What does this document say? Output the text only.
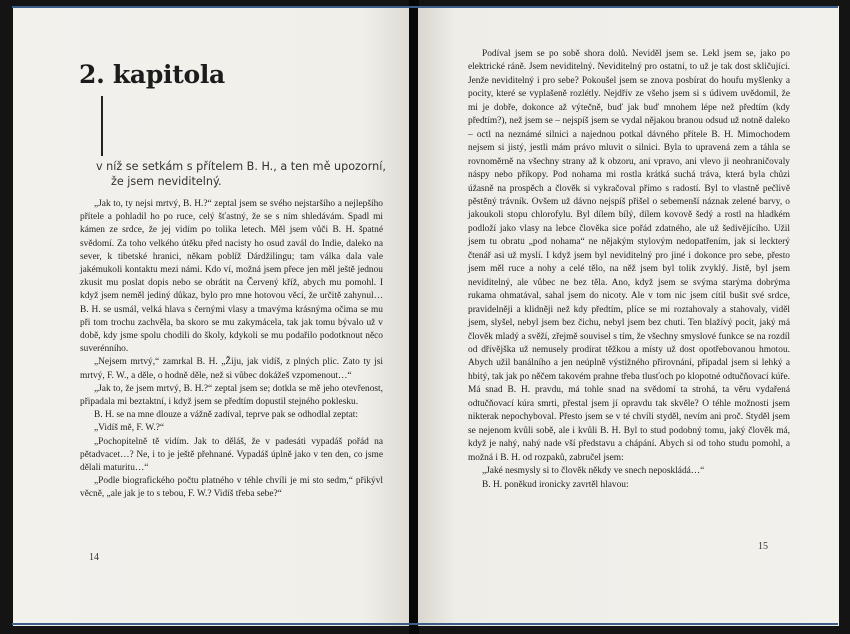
2. kapitola
v níž se setkám s přítelem B. H., a ten mě upozorní,
že jsem neviditelný.

„Jak to, ty nejsi mrtvý, B. H.?“ zeptal jsem se svého nejstaršího a nejlepšího přítele a pohladil ho po ruce, celý šťastný, že se s ním shledávám. Spadl mi kámen ze srdce, že jej vidím po tolika letech. Měl jsem vůči B. H. špatné svědomí. Za toho velkého útěku před nacisty ho osud zavál do Indie, daleko na sever, k tibetské hranici, někam poblíž Dárdžilingu; tam válka dala vale jakémukoli kontaktu mezi námi. Kdo ví, možná jsem přece jen měl ještě jednou zkusit mu poslat dopis nebo se obrátit na Červený kříž, abych mu pomohl. I když jsem neměl jediný důkaz, bylo pro mne hotovou věcí, že určitě zahynul… B. H. se usmál, velká hlava s černými vlasy a tmavýma krásnýma očima se mu při tom trochu zachvěla, ba skoro se mu zakymácela, tak jak tomu bývalo už v době, kdy jsme spolu chodili do školy, kdykoli se mu podařilo podotknout něco suverénního.

„Nejsem mrtvý,“ zamrkal B. H. „Žiju, jak vidíš, z plných plic. Zato ty jsi mrtvý, F. W., a děle, o hodně děle, než si vůbec dokážeš vzpomenout…“

„Jak to, že jsem mrtvý, B. H.?“ zeptal jsem se; dotkla se mě jeho otevřenost, připadala mi beztaktní, i když jsem se předtím dopustil stejného poklesku.

B. H. se na mne dlouze a vážně zadíval, teprve pak se odhodlal zeptat:

„Vidíš mě, F. W.?“

„Pochopitelně tě vidím. Jak to děláš, že v padesáti vypadáš pořád na pětadvacet…? Ne, i to je ještě přehnané. Vypadáš úplně jako v ten den, co jsme dělali maturitu…“

„Podle biografického počtu platného v téhle chvíli je mi sto sedm,“ přikývl věcně, „ale jak je to s tebou, F. W.? Vidíš třeba sebe?“

14

Podíval jsem se po sobě shora dolů. Neviděl jsem se. Lekl jsem se, jako po elektrické ráně. Jsem neviditelný. Neviditelný pro ostatní, to už je tak dost skličující. Jenže neviditelný i pro sebe? Pokoušel jsem se znova posbírat do houfu myšlenky a pocity, které se vyplašeně rozlétly. Nejdřív ze všeho jsem si s údivem uvědomil, že mi je dobře, dokonce až výtečně, buď jak buď mnohem lépe než předtím (kdy předtím?), než jsem se – nejspíš jsem se vydal nějakou branou odsud už notně daleko – octl na neznámé silnici a najednou potkal dávného přítele B. H. Mimochodem nejsem si jistý, jestli mám právo mluvit o silnici. Byla to upravená zem a táhla se rovnoměrně na všechny strany až k obzoru, ani vpravo, ani vlevo ji neohraničovaly náspy nebo příkopy. Pod nohama mi rostla krátká suchá tráva, která byla chůzi úžasně na prospěch a člověk si vykračoval přímo s radostí. Byl to vlastně pečlivě pěstěný trávník. Ovšem už dávno nejspíš přišel o sebemenší náznak zelené barvy, o jakoukoli stopu chlorofylu. Byl dílem bílý, dílem kovově šedý a rostl na hladkém podloží jako vlasy na lebce člověka sice pořád zdatného, ale už šedivějícího. Užil jsem tu obratu „pod nohama“ ne nějakým stylovým nedopatřením, jak si leckterý čtenář asi už myslí. I když jsem byl neviditelný pro jiné i dokonce pro sebe, přesto jsem měl ruce a nohy a celé tělo, na něž jsem byl tolik zvyklý. Jistě, byl jsem neviditelný, ale vůbec ne bez těla. Ano, když jsem se svýma starýma dobrýma rukama ohmatával, sahal jsem do nicoty. Ale v tom nic jsem cítil bušit své srdce, pravidelněji a klidněji než kdy předtím, plíce se mi roztahovaly a stahovaly, viděl jsem, slyšel, nebyl jsem bez čichu, nebyl jsem bez chuti. Ten blažívý pocit, jaký má člověk mladý a svěží, zřejmě souvisel s tím, že všechny smyslové funkce se na rozdíl od dřívějška už nemusely prodírat těžkou a místy už dost opotřebovanou hmotou. Abych užil banálního a jen neúplně výstižného přirovnání, připadal jsem si lehký a hbitý, tak jak po něčem takovém prahne třeba tlusťoch po klopotné odtučňovací kúře. Má snad B. H. pravdu, má tohle snad na svědomí ta strohá, ta věru vydařená odtučňovací kúra smrti, přestal jsem jí opravdu tak skvěle? O téhle možnosti jsem nikterak nepochyboval. Přesto jsem se v té chvíli styděl, nevím ani proč. Styděl jsem se nejenom kvůli sobě, ale i kvůli B. H. Byl to stud podobný tomu, jaký člověk má, když je nahý, nahý nade vší představu a chápání. Abych si od toho studu pomohl, a možná i B. H. od rozpaků, zabručel jsem:

„Jaké nesmysly si to člověk někdy ve snech neposkládá…“

B. H. poněkud ironicky zavrtěl hlavou:

15
